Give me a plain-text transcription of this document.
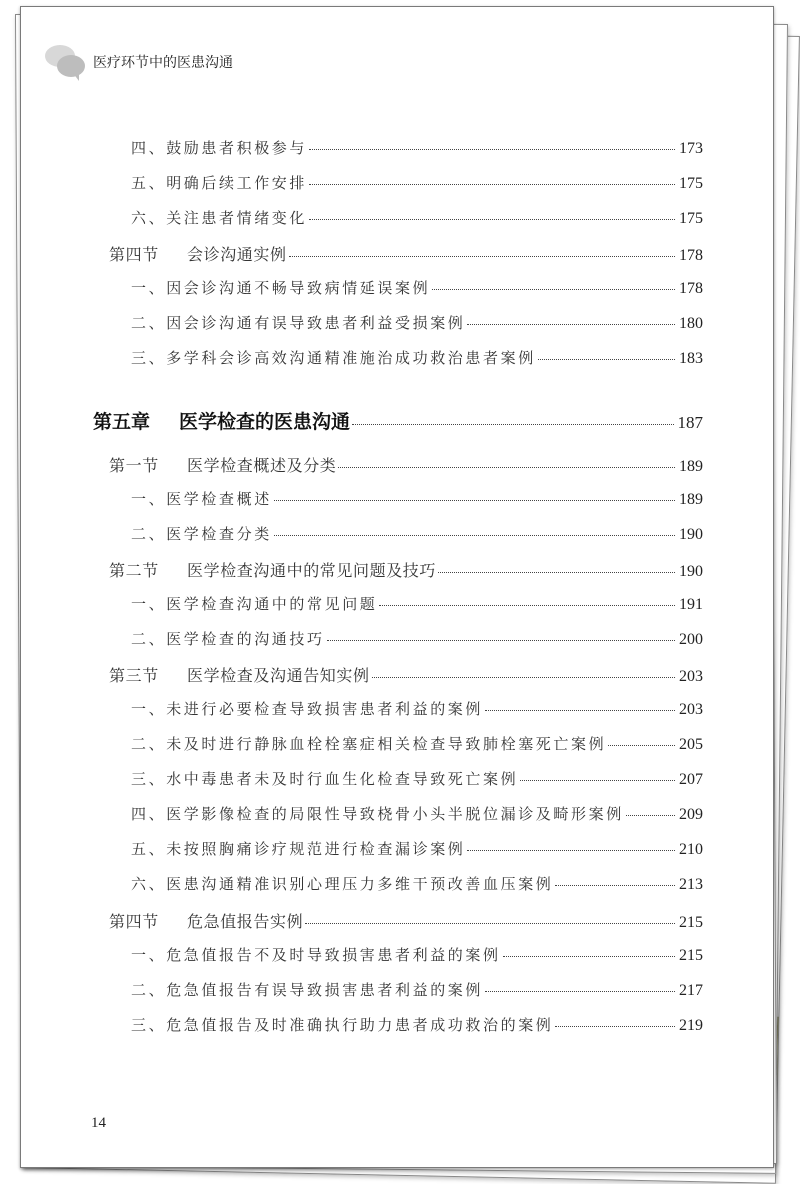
医疗环节中的医患沟通
四、鼓励患者积极参与	173
五、明确后续工作安排	175
六、关注患者情绪变化	175
第四节 会诊沟通实例	178
一、因会诊沟通不畅导致病情延误案例	178
二、因会诊沟通有误导致患者利益受损案例	180
三、多学科会诊高效沟通精准施治成功救治患者案例	183
第五章 医学检查的医患沟通	187
第一节 医学检查概述及分类	189
一、医学检查概述	189
二、医学检查分类	190
第二节 医学检查沟通中的常见问题及技巧	190
一、医学检查沟通中的常见问题	191
二、医学检查的沟通技巧	200
第三节 医学检查及沟通告知实例	203
一、未进行必要检查导致损害患者利益的案例	203
二、未及时进行静脉血栓栓塞症相关检查导致肺栓塞死亡案例	205
三、水中毒患者未及时行血生化检查导致死亡案例	207
四、医学影像检查的局限性导致桡骨小头半脱位漏诊及畸形案例	209
五、未按照胸痛诊疗规范进行检查漏诊案例	210
六、医患沟通精准识别心理压力多维干预改善血压案例	213
第四节 危急值报告实例	215
一、危急值报告不及时导致损害患者利益的案例	215
二、危急值报告有误导致损害患者利益的案例	217
三、危急值报告及时准确执行助力患者成功救治的案例	219
14
